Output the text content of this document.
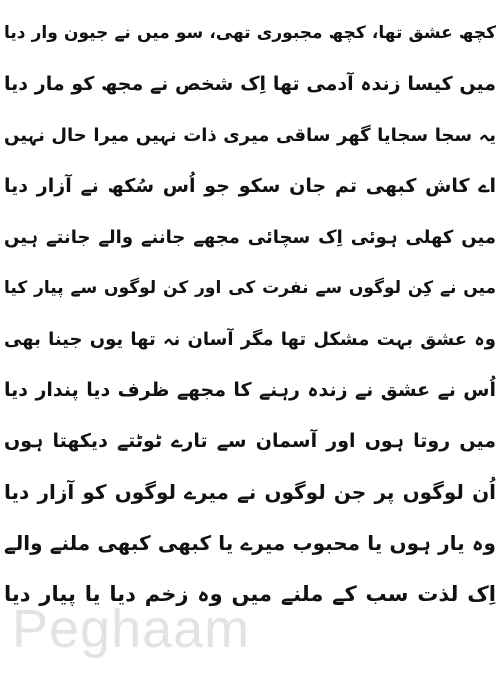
Peghaam
کچھ عشق تھا، کچھ مجبوری تھی، سو میں نے جیون وار دیا
میں کیسا زندہ آدمی تھا اِک شخص نے مجھ کو مار دیا
یہ سجا سجایا گھر ساقی میری ذات نہیں میرا حال نہیں
اے کاش کبھی تم جان سکو جو اُس سُکھ نے آزار دیا
میں کھلی ہوئی اِک سچائی مجھے جاننے والے جانتے ہیں
میں نے کِن لوگوں سے نفرت کی اور کن لوگوں سے پیار کیا
وہ عشق بہت مشکل تھا مگر آسان نہ تھا یوں جینا بھی
اُس نے عشق نے زندہ رہنے کا مجھے ظرف دیا پندار دیا
میں روتا ہوں اور آسمان سے تارے ٹوٹتے دیکھتا ہوں
اُن لوگوں پر جن لوگوں نے میرے لوگوں کو آزار دیا
وہ یار ہوں یا محبوب میرے یا کبھی کبھی ملنے والے
اِک لذت سب کے ملنے میں وہ زخم دیا یا پیار دیا
